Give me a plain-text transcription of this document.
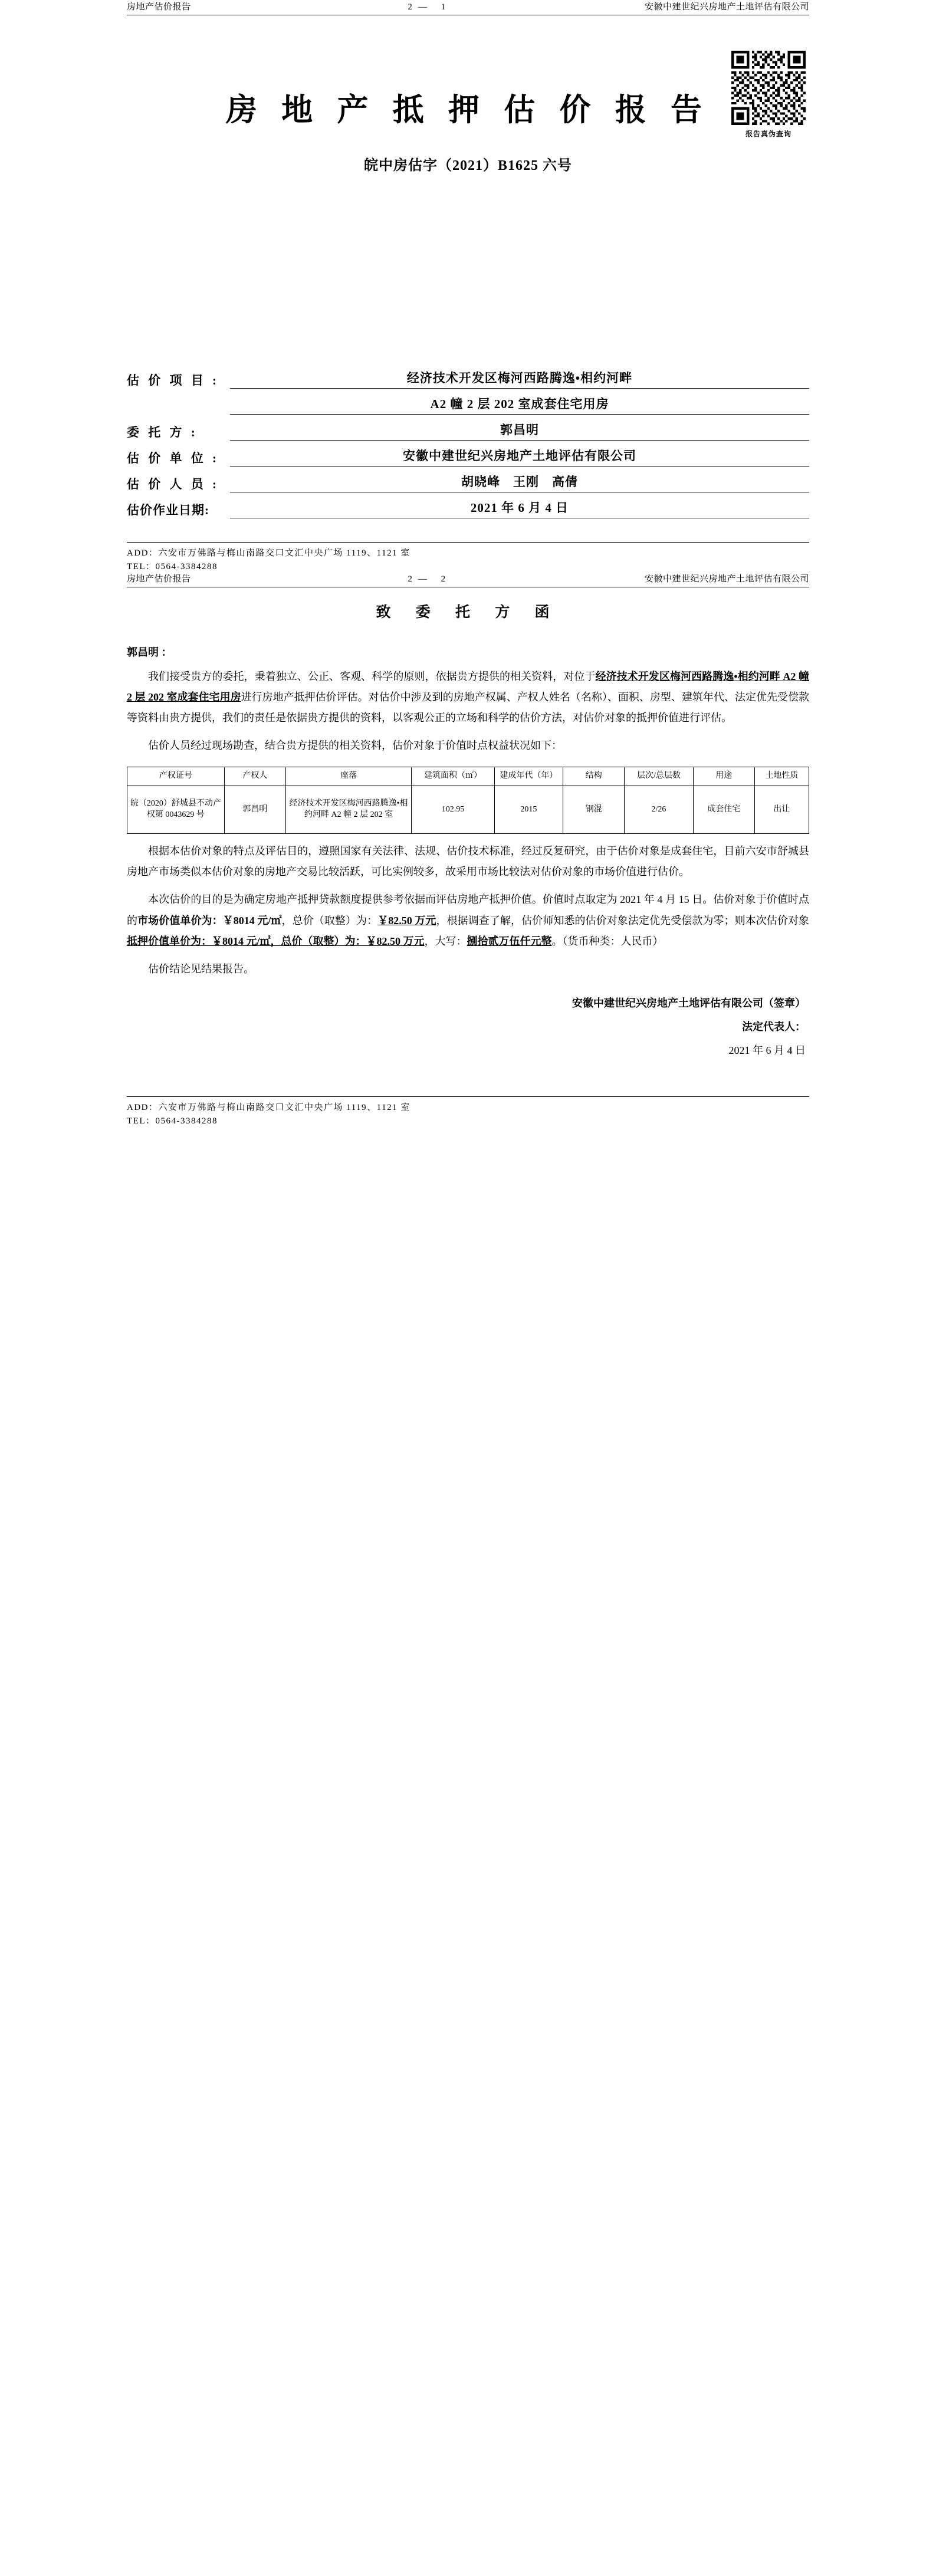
房地产估价报告	2— 1	安徽中建世纪兴房地产土地评估有限公司
报告真伪查询
房 地 产 抵 押 估 价 报 告
皖中房估字（2021）B1625 六号
估 价 项 目 :	经济技术开发区梅河西路腾逸•相约河畔
A2 幢 2 层 202 室成套住宅用房
委 托 方 :	郭昌明
估 价 单 位 :	安徽中建世纪兴房地产土地评估有限公司
估 价 人 员 :	胡晓峰　王刚　高倩
估价作业日期:	2021 年 6 月 4 日
ADD：六安市万佛路与梅山南路交口文汇中央广场 1119、1121 室
TEL：0564-3384288
房地产估价报告	2— 2	安徽中建世纪兴房地产土地评估有限公司
致 委 托 方 函
郭昌明 ：

我们接受贵方的委托，秉着独立、公正、客观、科学的原则，依据贵方提供的相关资料，对位于经济技术开发区梅河西路腾逸•相约河畔 A2 幢 2 层 202 室成套住宅用房进行房地产抵押估价评估。对估价中涉及到的房地产权属、产权人姓名（名称）、面积、房型、建筑年代、法定优先受偿款等资料由贵方提供，我们的责任是依据贵方提供的资料，以客观公正的立场和科学的估价方法，对估价对象的抵押价值进行评估。

估价人员经过现场勘查，结合贵方提供的相关资料，估价对象于价值时点权益状况如下：

产权证号	产权人	座落	建筑面积（㎡）	建成年代（年）	结构	层次/总层数	用途	土地性质
皖（2020）舒城县不动产权第 0043629 号	郭昌明	经济技术开发区梅河西路腾逸•相约河畔 A2 幢 2 层 202 室	102.95	2015	钢混	2/26	成套住宅	出让

根据本估价对象的特点及评估目的，遵照国家有关法律、法规、估价技术标准，经过反复研究，由于估价对象是成套住宅，目前六安市舒城县房地产市场类似本估价对象的房地产交易比较活跃，可比实例较多，故采用市场比较法对估价对象的市场价值进行估价。

本次估价的目的是为确定房地产抵押贷款额度提供参考依据而评估房地产抵押价值。价值时点取定为 2021 年 4 月 15 日。估价对象于价值时点的市场价值单价为：￥8014 元/㎡，总价（取整）为：￥82.50 万元，根据调查了解，估价师知悉的估价对象法定优先受偿款为零；则本次估价对象抵押价值单价为：￥8014 元/㎡，总价（取整）为：￥82.50 万元，大写：捌拾贰万伍仟元整。（货币种类：人民币）

估价结论见结果报告。

安徽中建世纪兴房地产土地评估有限公司（签章）
法定代表人：
2021 年 6 月 4 日
ADD：六安市万佛路与梅山南路交口文汇中央广场 1119、1121 室
TEL：0564-3384288
